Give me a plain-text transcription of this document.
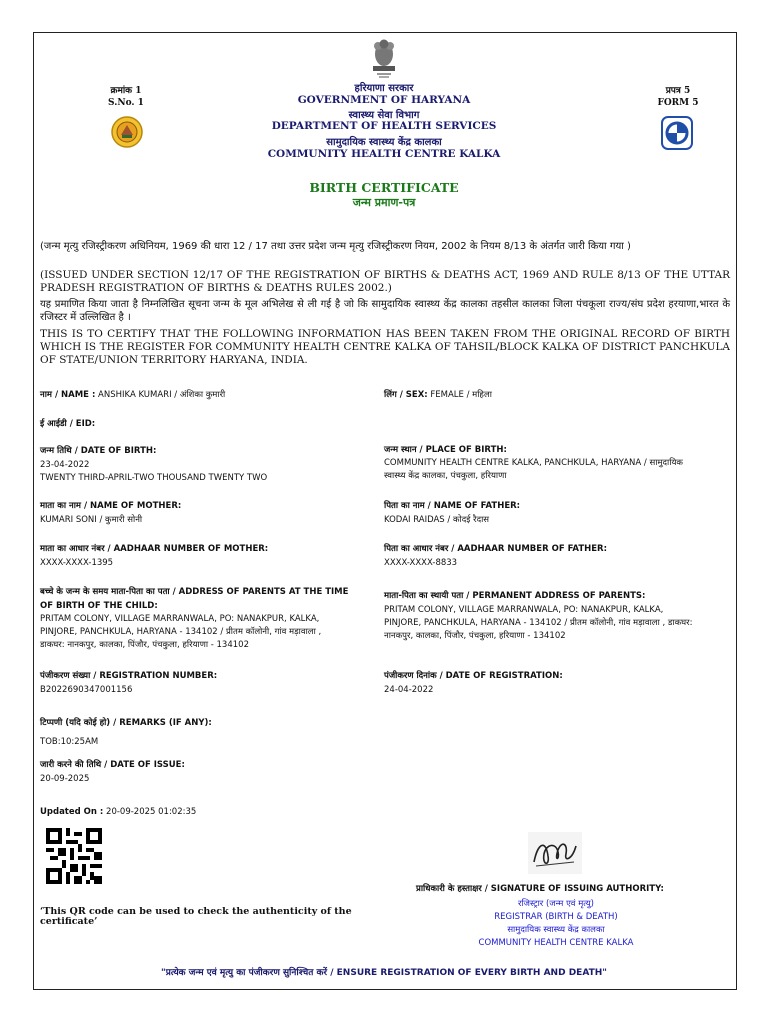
क्रमांक 1
S.No. 1
प्रपत्र 5
FORM 5
हरियाणा सरकार
GOVERNMENT OF HARYANA
स्वास्थ्य सेवा विभाग
DEPARTMENT OF HEALTH SERVICES
सामुदायिक स्वास्थ्य केंद्र कालका
COMMUNITY HEALTH CENTRE KALKA
BIRTH CERTIFICATE
जन्म प्रमाण-पत्र
(जन्म मृत्यु रजिस्ट्रीकरण अधिनियम, 1969 की धारा 12 / 17 तथा उत्तर प्रदेश जन्म मृत्यु रजिस्ट्रीकरण नियम, 2002 के नियम 8/13 के अंतर्गत जारी किया गया )
(ISSUED UNDER SECTION 12/17 OF THE REGISTRATION OF BIRTHS & DEATHS ACT, 1969 AND RULE 8/13 OF THE UTTAR PRADESH REGISTRATION OF BIRTHS & DEATHS RULES 2002.)
यह प्रमाणित किया जाता है निम्नलिखित सूचना जन्म के मूल अभिलेख से ली गई है जो कि सामुदायिक स्वास्थ्य केंद्र कालका तहसील कालका जिला पंचकूला राज्य/संघ प्रदेश हरयाणा,भारत के रजिस्टर में उल्लिखित है ।
THIS IS TO CERTIFY THAT THE FOLLOWING INFORMATION HAS BEEN TAKEN FROM THE ORIGINAL RECORD OF BIRTH WHICH IS THE REGISTER FOR COMMUNITY HEALTH CENTRE KALKA OF TAHSIL/BLOCK KALKA OF DISTRICT PANCHKULA OF STATE/UNION TERRITORY HARYANA, INDIA.
नाम / NAME : ANSHIKA KUMARI / अंशिका कुमारी	लिंग / SEX: FEMALE / महिला
ई आईडी / EID:
जन्म तिथि / DATE OF BIRTH:
23-04-2022
TWENTY THIRD-APRIL-TWO THOUSAND TWENTY TWO
जन्म स्थान / PLACE OF BIRTH:
COMMUNITY HEALTH CENTRE KALKA, PANCHKULA, HARYANA / सामुदायिक
स्वास्थ्य केंद्र कालका, पंचकुला, हरियाणा
माता का नाम / NAME OF MOTHER:
KUMARI SONI / कुमारी सोनी
पिता का नाम / NAME OF FATHER:
KODAI RAIDAS / कोदई रैदास
माता का आधार नंबर / AADHAAR NUMBER OF MOTHER:
XXXX-XXXX-1395
पिता का आधार नंबर / AADHAAR NUMBER OF FATHER:
XXXX-XXXX-8833
बच्चे के जन्म के समय माता-पिता का पता / ADDRESS OF PARENTS AT THE TIME
OF BIRTH OF THE CHILD:
PRITAM COLONY, VILLAGE MARRANWALA, PO: NANAKPUR, KALKA,
PINJORE, PANCHKULA, HARYANA - 134102 / प्रीतम कॉलोनी, गांव मड़ावाला ,
डाकघर: नानकपुर, कालका, पिंजौर, पंचकुला, हरियाणा - 134102
माता-पिता का स्थायी पता / PERMANENT ADDRESS OF PARENTS:
PRITAM COLONY, VILLAGE MARRANWALA, PO: NANAKPUR, KALKA,
PINJORE, PANCHKULA, HARYANA - 134102 / प्रीतम कॉलोनी, गांव मड़ावाला , डाकघर:
नानकपुर, कालका, पिंजौर, पंचकुला, हरियाणा - 134102
पंजीकरण संख्या / REGISTRATION NUMBER:
B2022690347001156
पंजीकरण दिनांक / DATE OF REGISTRATION:
24-04-2022
टिप्पणी (यदि कोई हो) / REMARKS (IF ANY):
TOB:10:25AM
जारी करने की तिथि / DATE OF ISSUE:
20-09-2025
Updated On : 20-09-2025 01:02:35
‘This QR code can be used to check the authenticity of the certificate’
प्राधिकारी के हस्ताक्षर / SIGNATURE OF ISSUING AUTHORITY:
रजिस्ट्रार (जन्म एवं मृत्यु)
REGISTRAR (BIRTH & DEATH)
सामुदायिक स्वास्थ्य केंद्र कालका
COMMUNITY HEALTH CENTRE KALKA
"प्रत्येक जन्म एवं मृत्यु का पंजीकरण सुनिश्चित करें / ENSURE REGISTRATION OF EVERY BIRTH AND DEATH"
